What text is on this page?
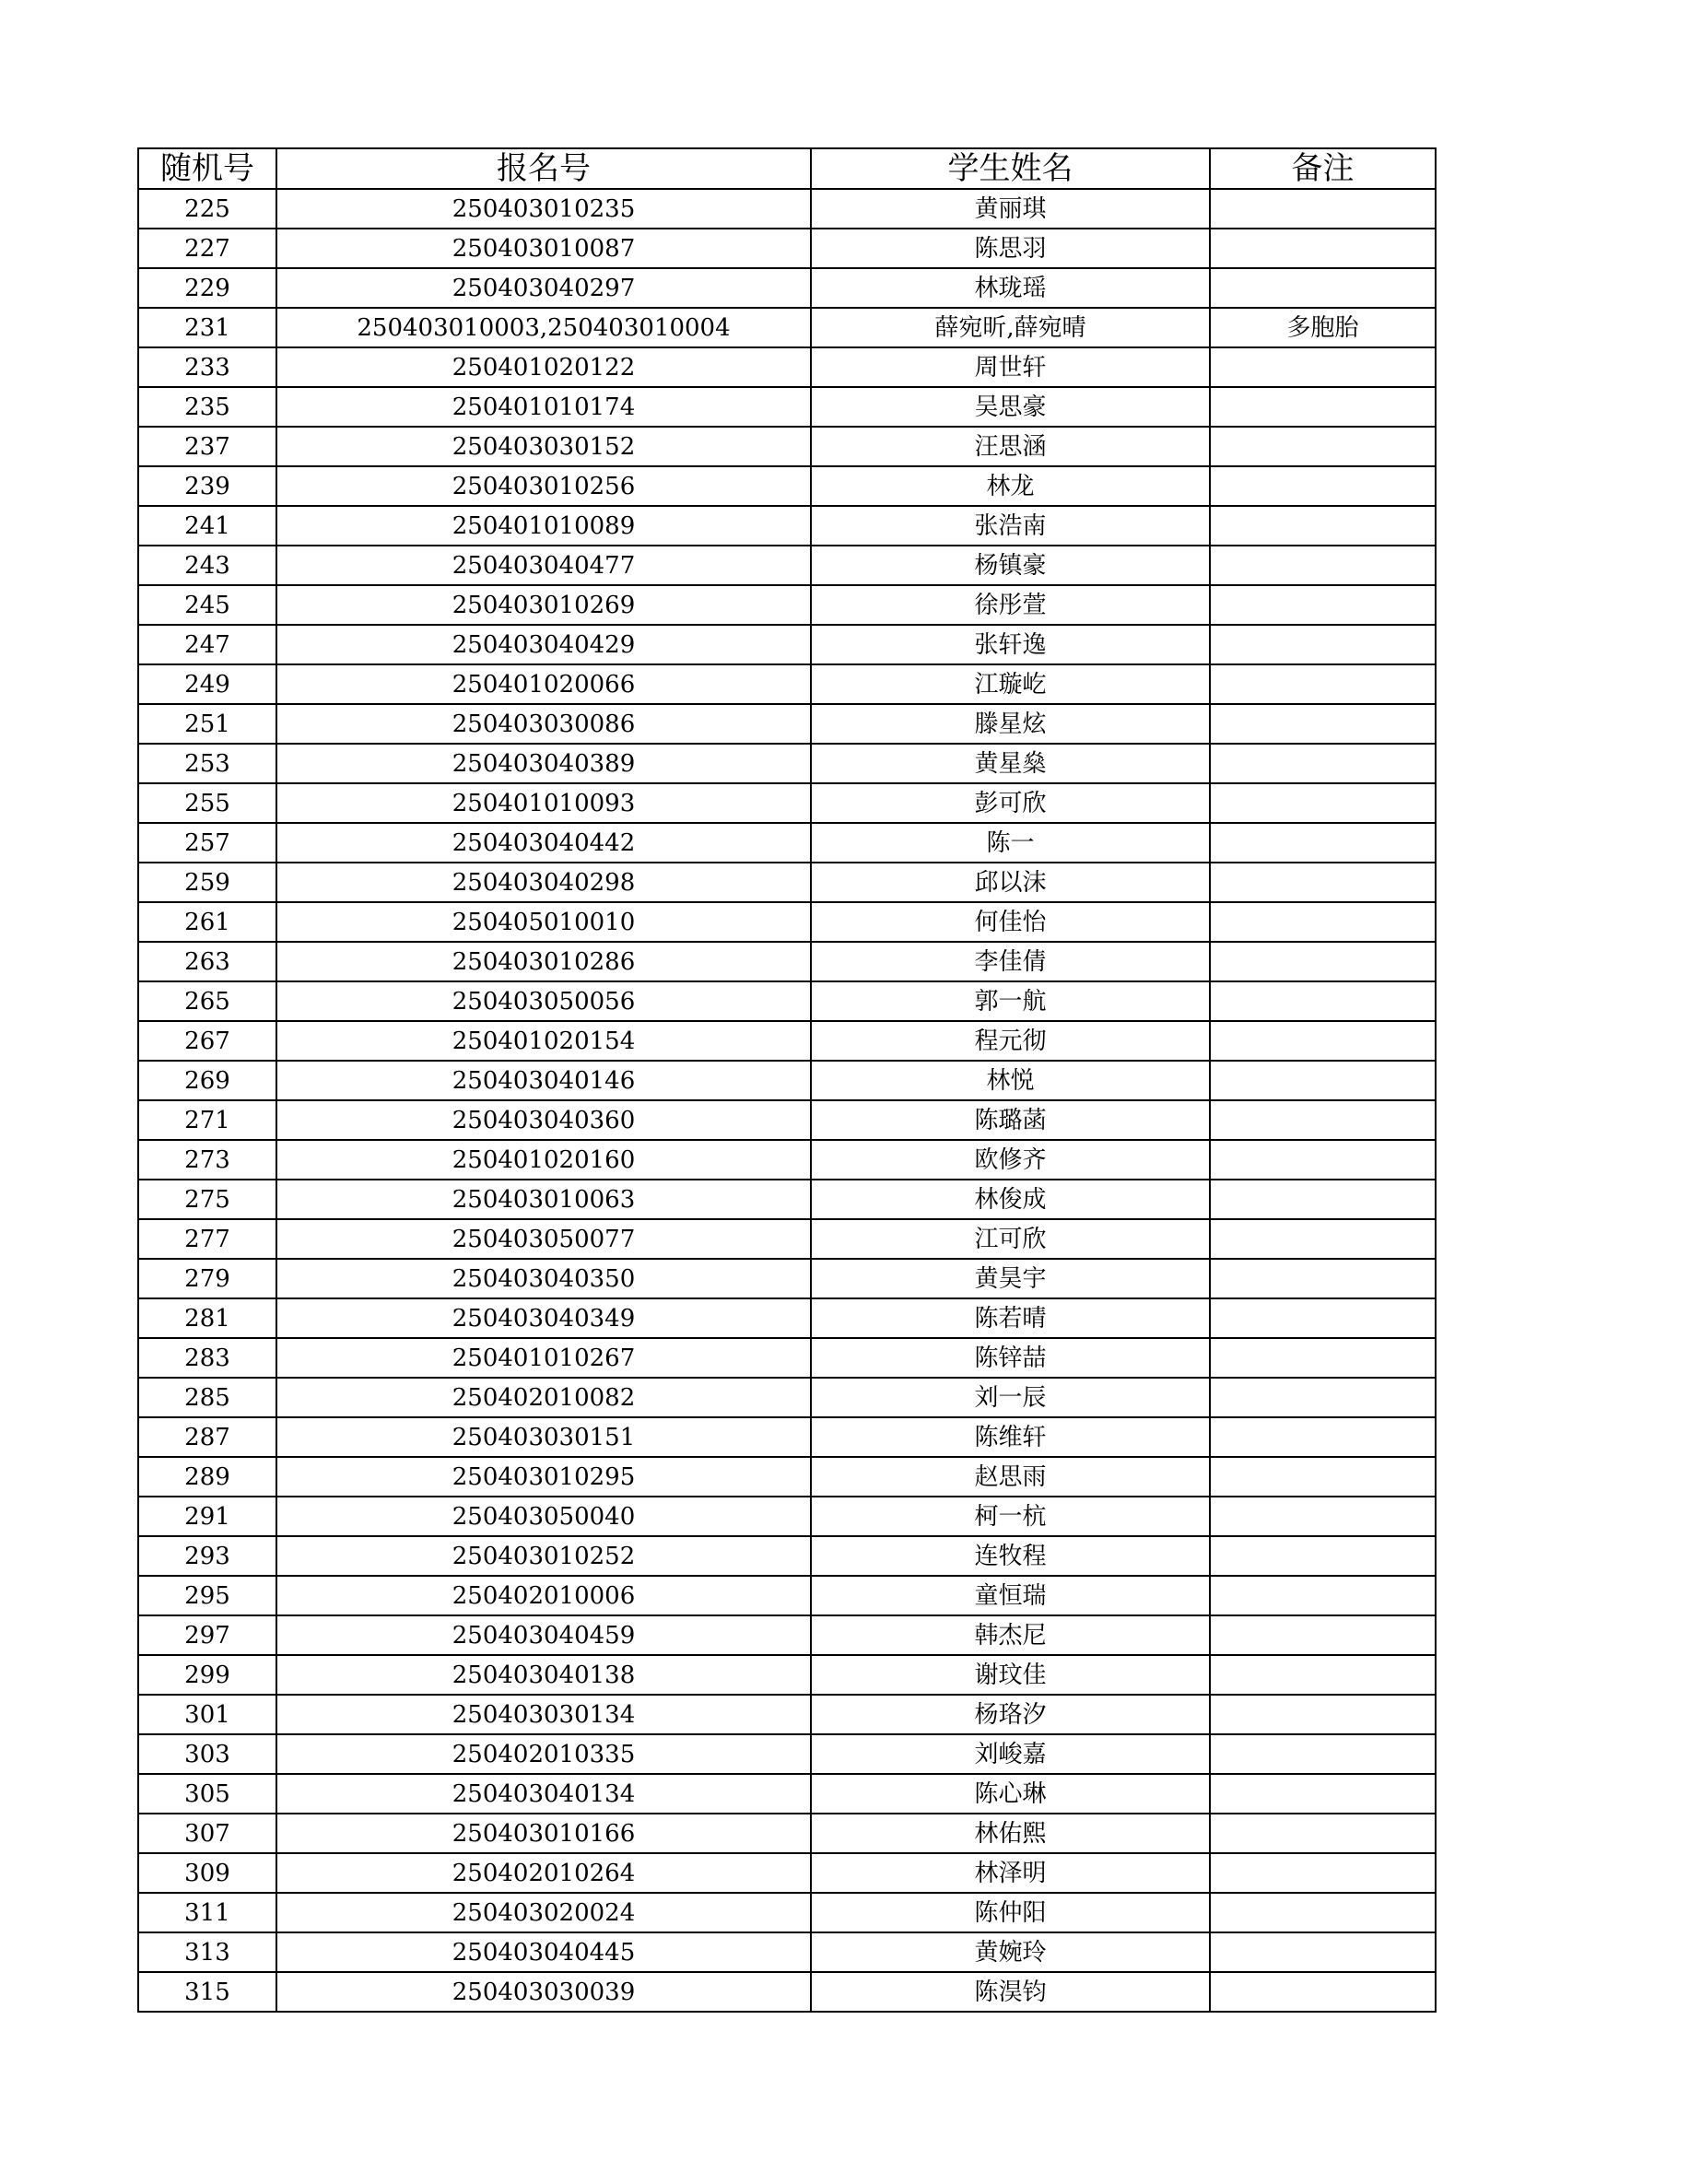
随机号	报名号	学生姓名	备注
225	250403010235	黄丽琪	
227	250403010087	陈思羽	
229	250403040297	林珑瑶	
231	250403010003,250403010004	薛宛昕,薛宛晴	多胞胎
233	250401020122	周世轩	
235	250401010174	吴思豪	
237	250403030152	汪思涵	
239	250403010256	林龙	
241	250401010089	张浩南	
243	250403040477	杨镇豪	
245	250403010269	徐彤萱	
247	250403040429	张轩逸	
249	250401020066	江璇屹	
251	250403030086	滕星炫	
253	250403040389	黄星燊	
255	250401010093	彭可欣	
257	250403040442	陈一	
259	250403040298	邱以沫	
261	250405010010	何佳怡	
263	250403010286	李佳倩	
265	250403050056	郭一航	
267	250401020154	程元彻	
269	250403040146	林悦	
271	250403040360	陈璐菡	
273	250401020160	欧修齐	
275	250403010063	林俊成	
277	250403050077	江可欣	
279	250403040350	黄昊宇	
281	250403040349	陈若晴	
283	250401010267	陈锌喆	
285	250402010082	刘一辰	
287	250403030151	陈维轩	
289	250403010295	赵思雨	
291	250403050040	柯一杭	
293	250403010252	连牧程	
295	250402010006	童恒瑞	
297	250403040459	韩杰尼	
299	250403040138	谢玟佳	
301	250403030134	杨珞汐	
303	250402010335	刘峻嘉	
305	250403040134	陈心琳	
307	250403010166	林佑熙	
309	250402010264	林泽明	
311	250403020024	陈仲阳	
313	250403040445	黄婉玲	
315	250403030039	陈淏钧	
